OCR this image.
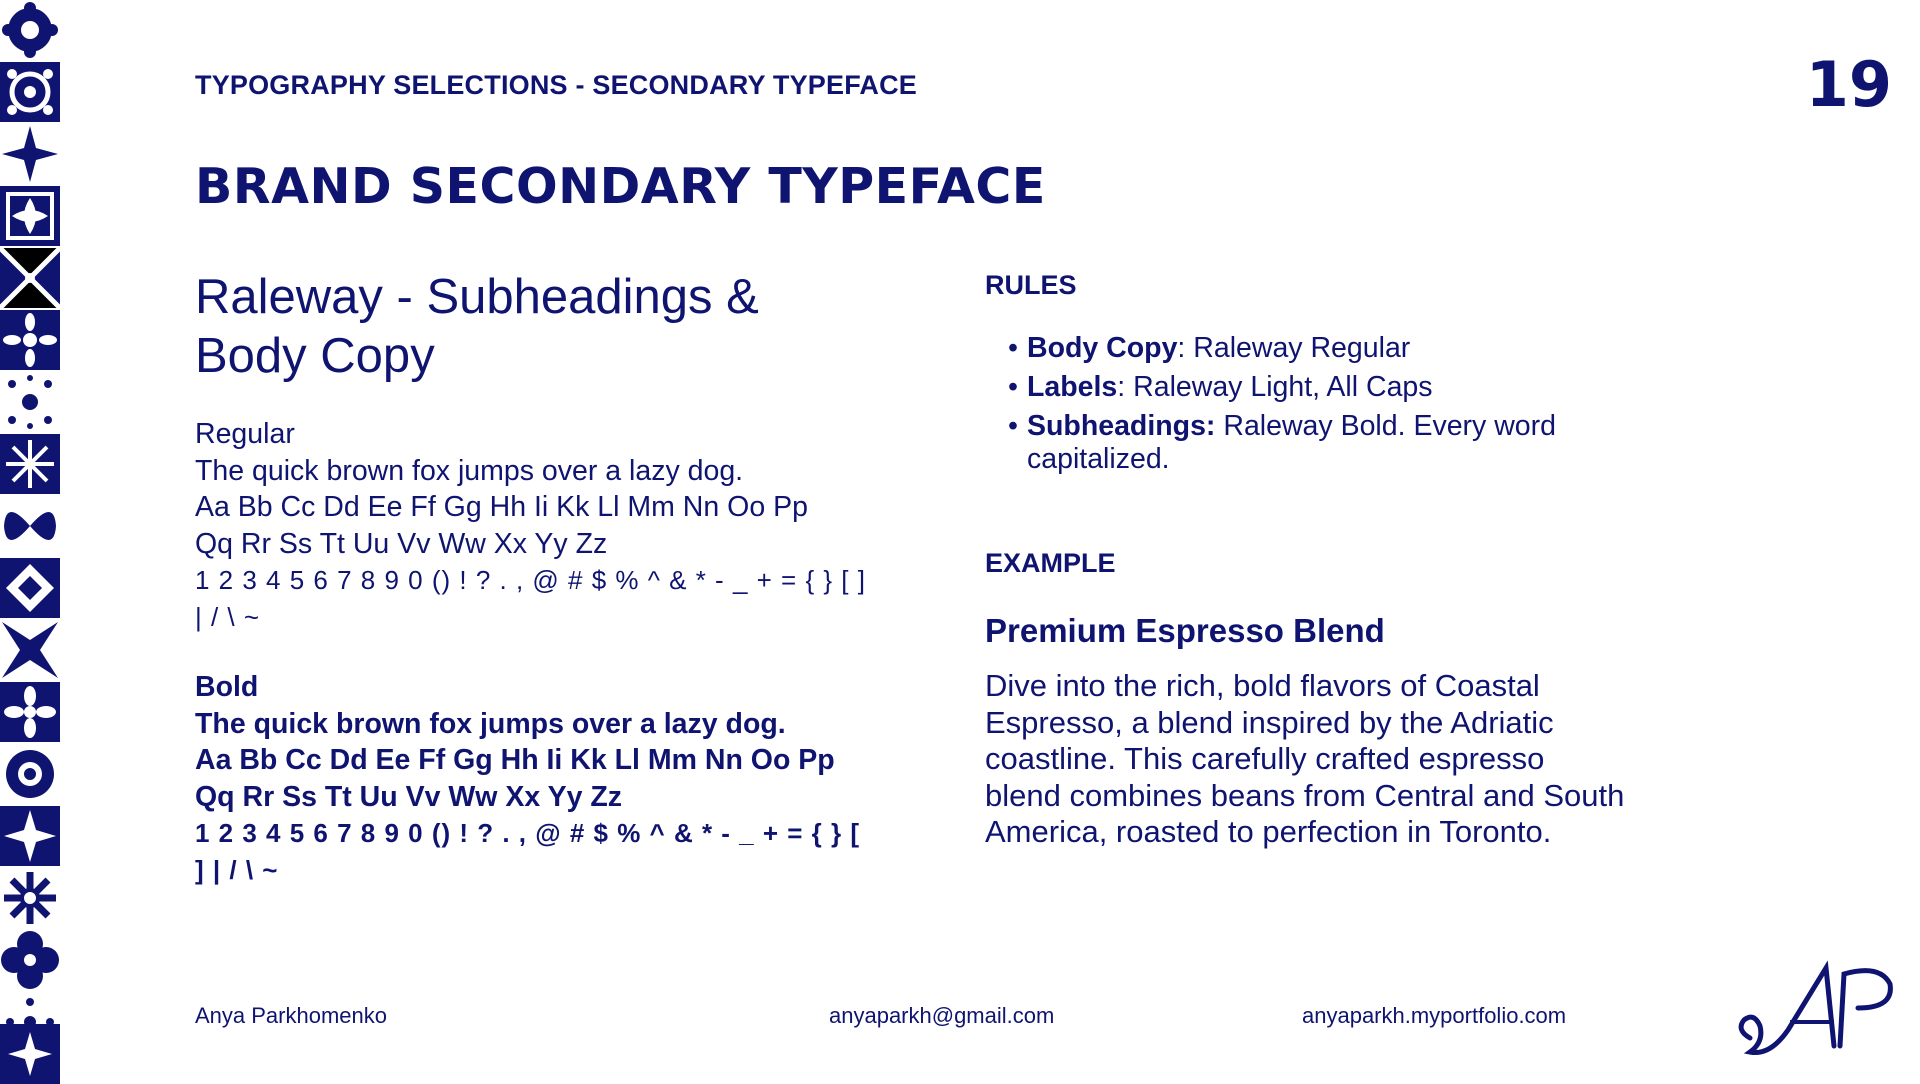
TYPOGRAPHY SELECTIONS - SECONDARY TYPEFACE	19
BRAND SECONDARY TYPEFACE
Raleway - Subheadings &
Body Copy
Regular
The quick brown fox jumps over a lazy dog.
Aa Bb Cc Dd Ee Ff Gg Hh Ii Kk Ll Mm Nn Oo Pp
Qq Rr Ss Tt Uu Vv Ww Xx Yy Zz
1 2 3 4 5 6 7 8 9 0 () ! ? . , @ # $ % ^ & * - _ + = { } [ ]
| / \ ~
Bold
The quick brown fox jumps over a lazy dog.
Aa Bb Cc Dd Ee Ff Gg Hh Ii Kk Ll Mm Nn Oo Pp
Qq Rr Ss Tt Uu Vv Ww Xx Yy Zz
1 2 3 4 5 6 7 8 9 0 () ! ? . , @ # $ % ^ & * - _ + = { } [
] | / \ ~
RULES
• Body Copy: Raleway Regular
• Labels: Raleway Light, All Caps
• Subheadings: Raleway Bold. Every word capitalized.
EXAMPLE
Premium Espresso Blend
Dive into the rich, bold flavors of Coastal Espresso, a blend inspired by the Adriatic coastline. This carefully crafted espresso blend combines beans from Central and South America, roasted to perfection in Toronto.
Anya Parkhomenko	anyaparkh@gmail.com	anyaparkh.myportfolio.com
